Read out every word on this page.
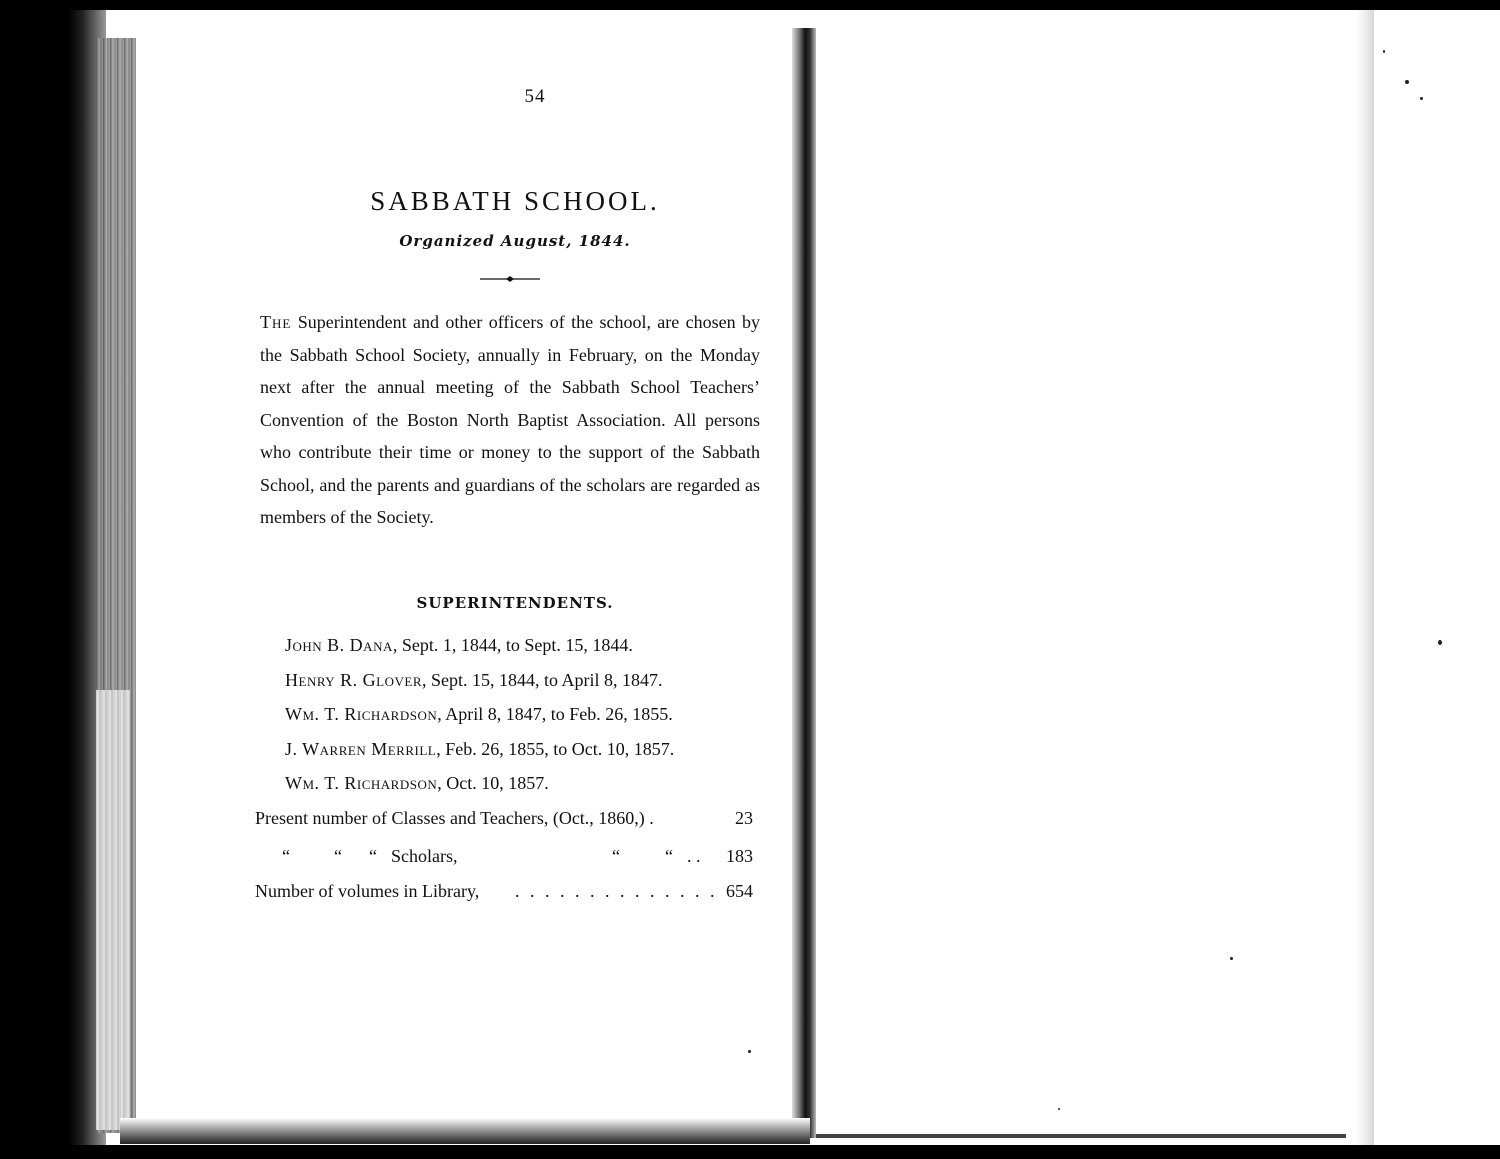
54
SABBATH SCHOOL.
Organized August, 1844.

The Superintendent and other officers of the school, are chosen by the Sabbath School Society, annually in February, on the Monday next after the annual meeting of the Sabbath School Teachers’ Convention of the Boston North Baptist Association. All persons who contribute their time or money to the support of the Sabbath School, and the parents and guardians of the scholars are regarded as members of the Society.

SUPERINTENDENTS.
John B. Dana, Sept. 1, 1844, to Sept. 15, 1844.
Henry R. Glover, Sept. 15, 1844, to April 8, 1847.
Wm. T. Richardson, April 8, 1847, to Feb. 26, 1855.
J. Warren Merrill, Feb. 26, 1855, to Oct. 10, 1857.
Wm. T. Richardson, Oct. 10, 1857.
Present number of Classes and Teachers, (Oct., 1860,) .	23
“ “ “ Scholars,	“	“ . . 183
Number of volumes in Library, . . . . . . . . . . . . . . 654
